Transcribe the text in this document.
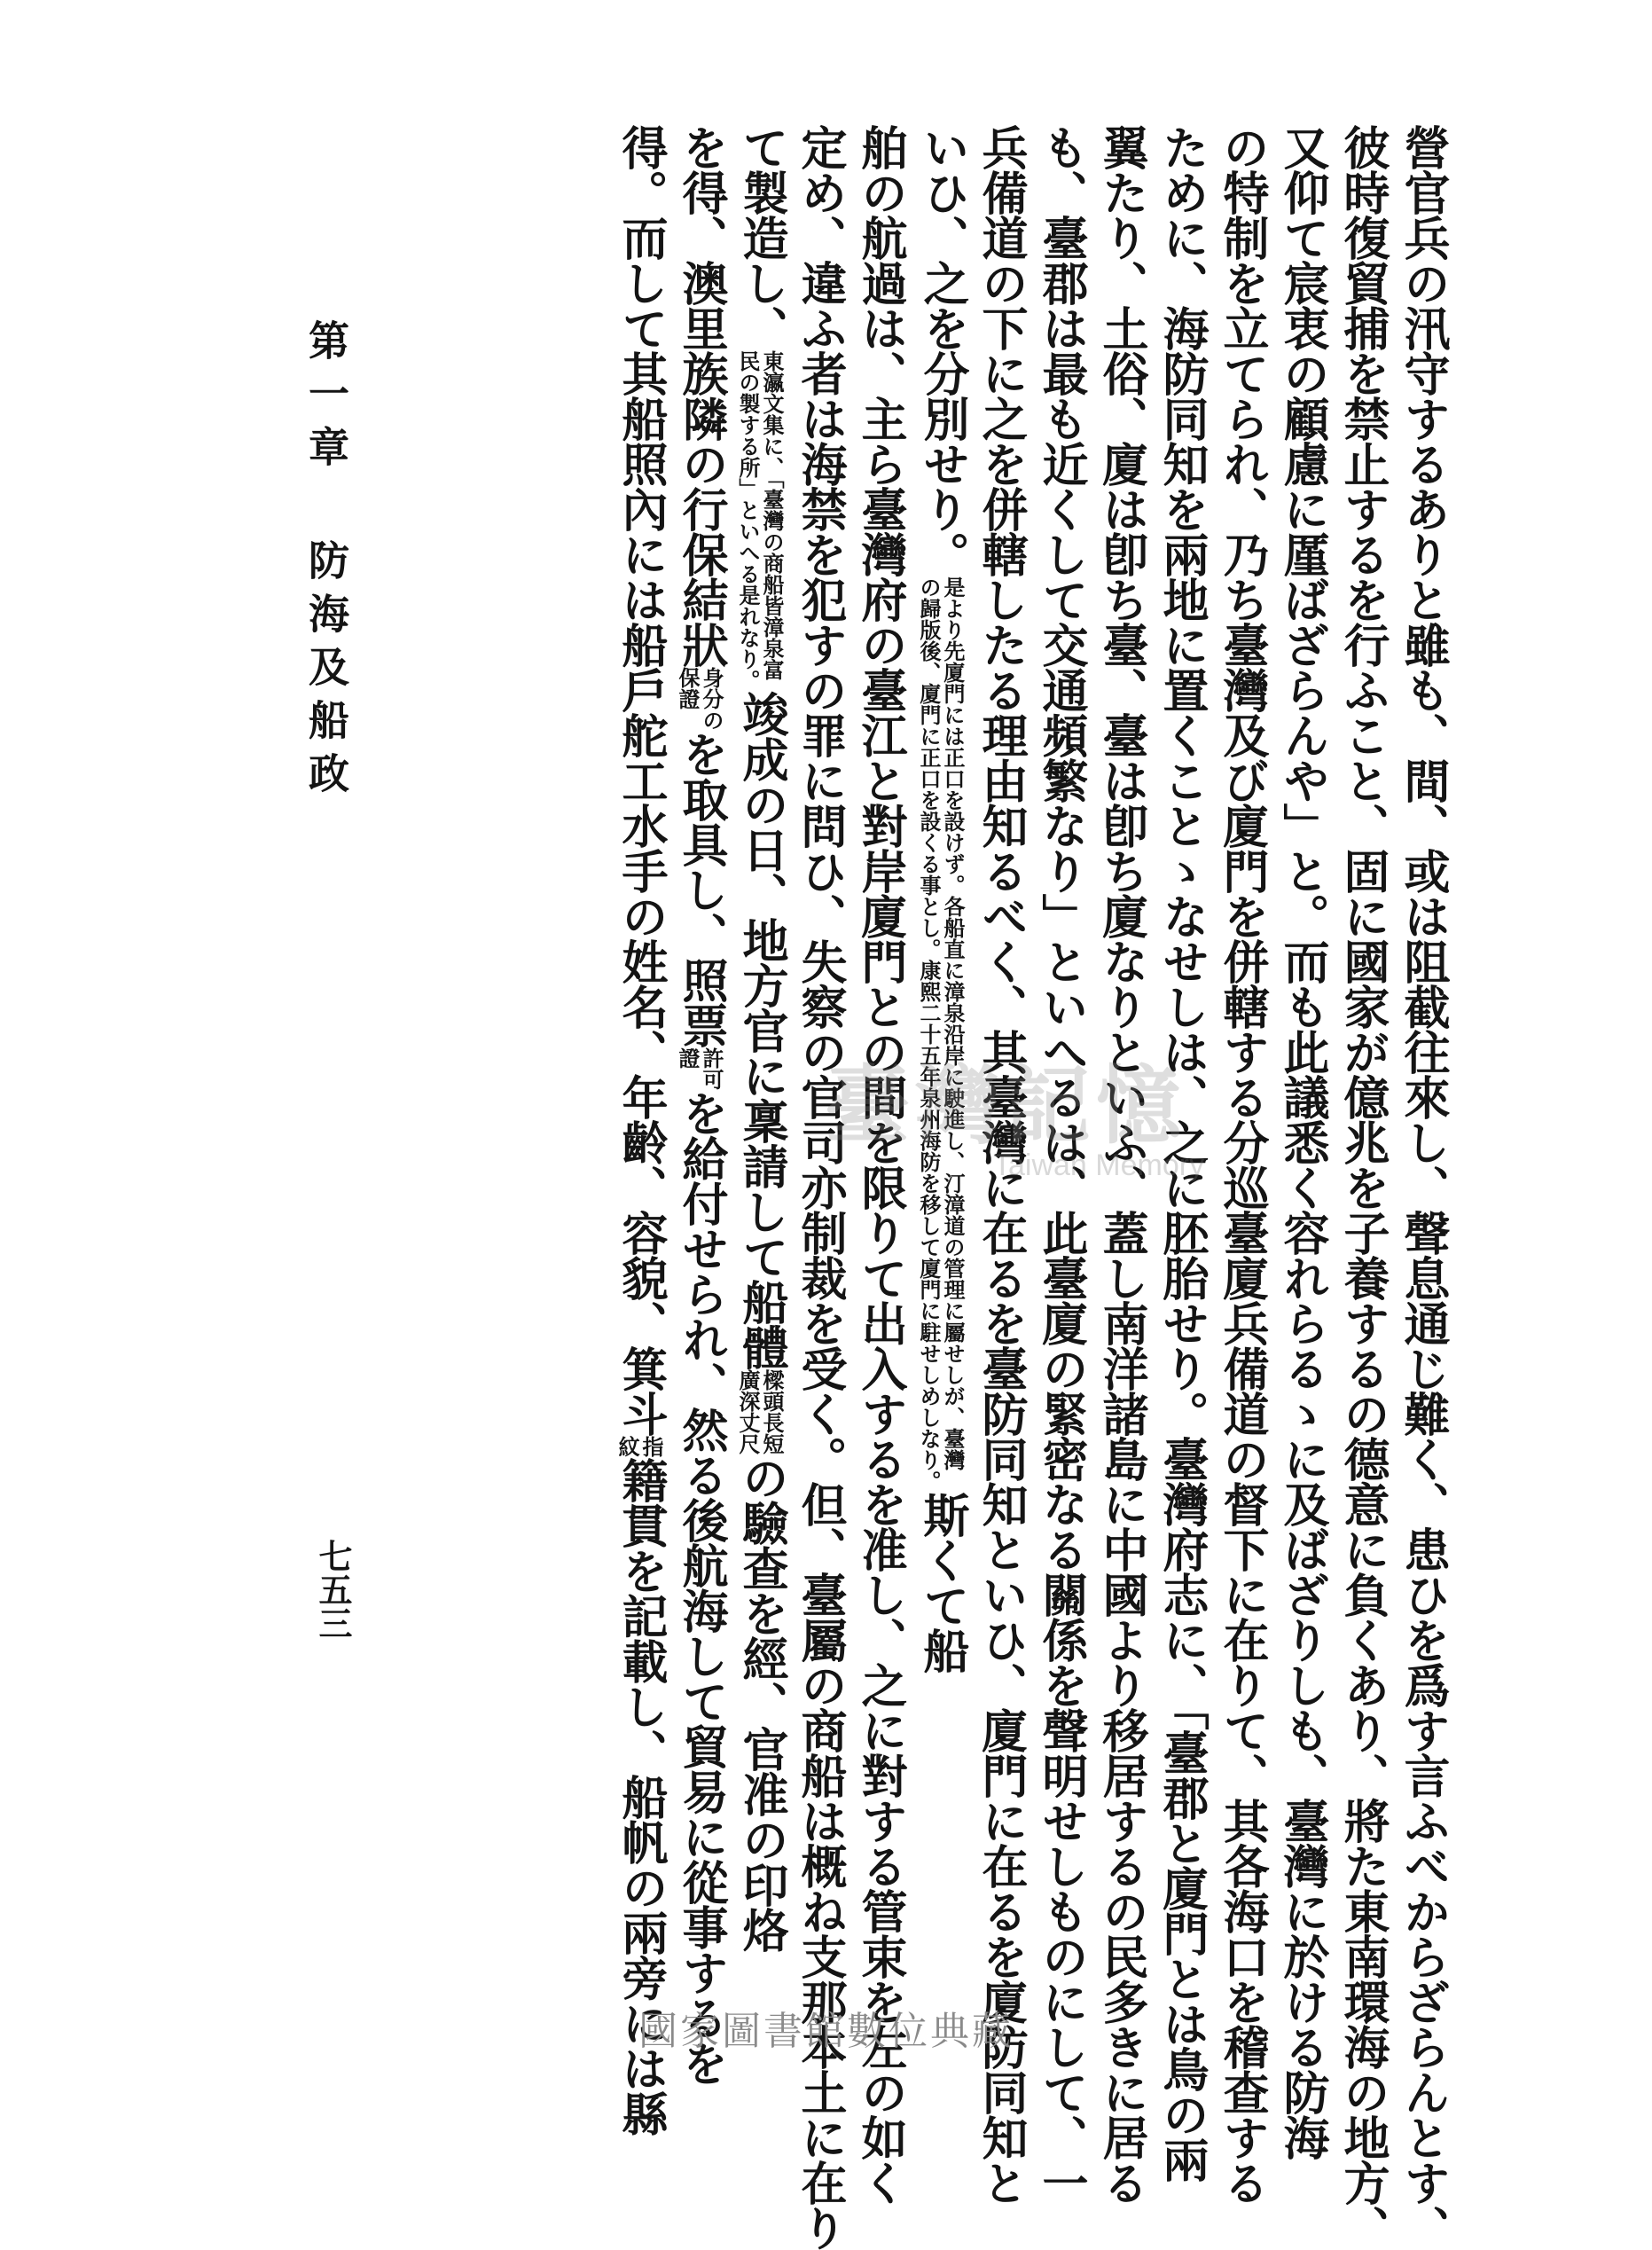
營官兵の汛守するありと雖も、間、或は阻截往來し、聲息通じ難く、患ひを爲す言ふべからざらんとす、
彼時復貿捕を禁止するを行ふこと、固に國家が億兆を子養するの德意に負くあり、將た東南環海の地方、
又仰て宸衷の顧慮に厪ばざらんや」と。而も此議悉く容れらるゝに及ばざりしも、臺灣に於ける防海
の特制を立てられ、乃ち臺灣及び廈門を併轄する分巡臺廈兵備道の督下に在りて、其各海口を稽查する
ために、海防同知を兩地に置くことゝなせしは、之に胚胎せり。臺灣府志に、「臺郡と廈門とは鳥の兩
翼たり、土俗、廈は卽ち臺、臺は卽ち廈なりといふ、蓋し南洋諸島に中國より移居するの民多きに居る
も、臺郡は最も近くして交通頻繁なり」といへるは、此臺廈の緊密なる關係を聲明せしものにして、一
兵備道の下に之を併轄したる理由知るべく、其臺灣に在るを臺防同知といひ、廈門に在るを廈防同知と
いひ、之を分別せり。是より先廈門には正口を設けず。各船直に漳泉沿岸に駛進し、汀漳道の管理に屬せしが、臺灣
の歸版後、廈門に正口を設くる事とし。康熙二十五年泉州海防を移して廈門に駐せしめしなり。斯くて船
舶の航過は、主ら臺灣府の臺江と對岸廈門との間を限りて出入するを准し、之に對する管束を左の如く
定め、違ふ者は海禁を犯すの罪に問ひ、失察の官司亦制裁を受く。但、臺屬の商船は概ね支那本土に在り
て製造し、東瀛文集に、「臺灣の商船皆漳泉富
民の製する所」といへる是れなり。竣成の日、地方官に稟請して船體樑頭長短
廣深丈尺の驗查を經、官准の印烙
を得、澳里族隣の行保結狀身分の
保證を取具し、照票許可
證を給付せられ、然る後航海して貿易に從事するを
得。而して其船照內には船戶舵工水手の姓名、年齡、容貌、箕斗指
紋籍貫を記載し、船帆の兩旁には縣
第一章 防海及船政
七五三
臺灣記憶
Taiwan Memory
國家圖書館數位典藏
